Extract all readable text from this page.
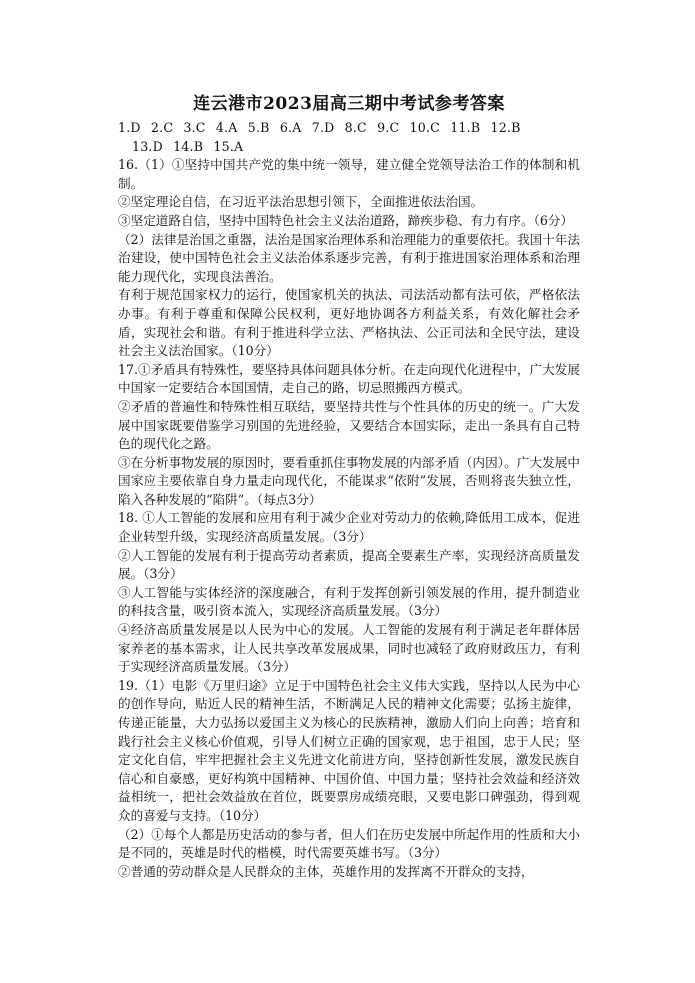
连云港市2023届高三期中考试参考答案
1.D 2.C 3.C 4.A 5.B 6.A 7.D 8.C 9.C 10.C 11.B 12.B
13.D 14.B 15.A
16.（1）①坚持中国共产党的集中统一领导，建立健全党领导法治工作的体制和机制。
②坚定理论自信，在习近平法治思想引领下，全面推进依法治国。
③坚定道路自信，坚持中国特色社会主义法治道路，蹄疾步稳、有力有序。（6分）
（2）法律是治国之重器，法治是国家治理体系和治理能力的重要依托。我国十年法治建设，使中国特色社会主义法治体系逐步完善，有利于推进国家治理体系和治理能力现代化，实现良法善治。
有利于规范国家权力的运行，使国家机关的执法、司法活动都有法可依，严格依法办事。有利于尊重和保障公民权利，更好地协调各方利益关系，有效化解社会矛盾，实现社会和谐。有利于推进科学立法、严格执法、公正司法和全民守法，建设社会主义法治国家。（10分）
17.①矛盾具有特殊性，要坚持具体问题具体分析。在走向现代化进程中，广大发展中国家一定要结合本国国情，走自己的路，切忌照搬西方模式。
②矛盾的普遍性和特殊性相互联结，要坚持共性与个性具体的历史的统一。广大发展中国家既要借鉴学习别国的先进经验，又要结合本国实际，走出一条具有自己特色的现代化之路。
③在分析事物发展的原因时，要看重抓住事物发展的内部矛盾（内因）。广大发展中国家应主要依靠自身力量走向现代化，不能谋求“依附”发展，否则将丧失独立性，陷入各种发展的“陷阱”。（每点3分）
18. ①人工智能的发展和应用有利于减少企业对劳动力的依赖,降低用工成本，促进企业转型升级，实现经济高质量发展。（3分）
②人工智能的发展有利于提高劳动者素质，提高全要素生产率，实现经济高质量发展。（3分）
③人工智能与实体经济的深度融合，有利于发挥创新引领发展的作用，提升制造业的科技含量，吸引资本流入，实现经济高质量发展。（3分）
④经济高质量发展是以人民为中心的发展。人工智能的发展有利于满足老年群体居家养老的基本需求，让人民共享改革发展成果，同时也减轻了政府财政压力，有利于实现经济高质量发展。（3分）
19.（1）电影《万里归途》立足于中国特色社会主义伟大实践，坚持以人民为中心的创作导向，贴近人民的精神生活，不断满足人民的精神文化需要；弘扬主旋律，传递正能量，大力弘扬以爱国主义为核心的民族精神，激励人们向上向善；培育和践行社会主义核心价值观，引导人们树立正确的国家观，忠于祖国，忠于人民；坚定文化自信，牢牢把握社会主义先进文化前进方向，坚持创新性发展，激发民族自信心和自豪感，更好构筑中国精神、中国价值、中国力量；坚持社会效益和经济效益相统一，把社会效益放在首位，既要票房成绩亮眼，又要电影口碑强劲，得到观众的喜爱与支持。（10分）
（2）①每个人都是历史活动的参与者，但人们在历史发展中所起作用的性质和大小是不同的，英雄是时代的楷模，时代需要英雄书写。（3分）
②普通的劳动群众是人民群众的主体，英雄作用的发挥离不开群众的支持，
